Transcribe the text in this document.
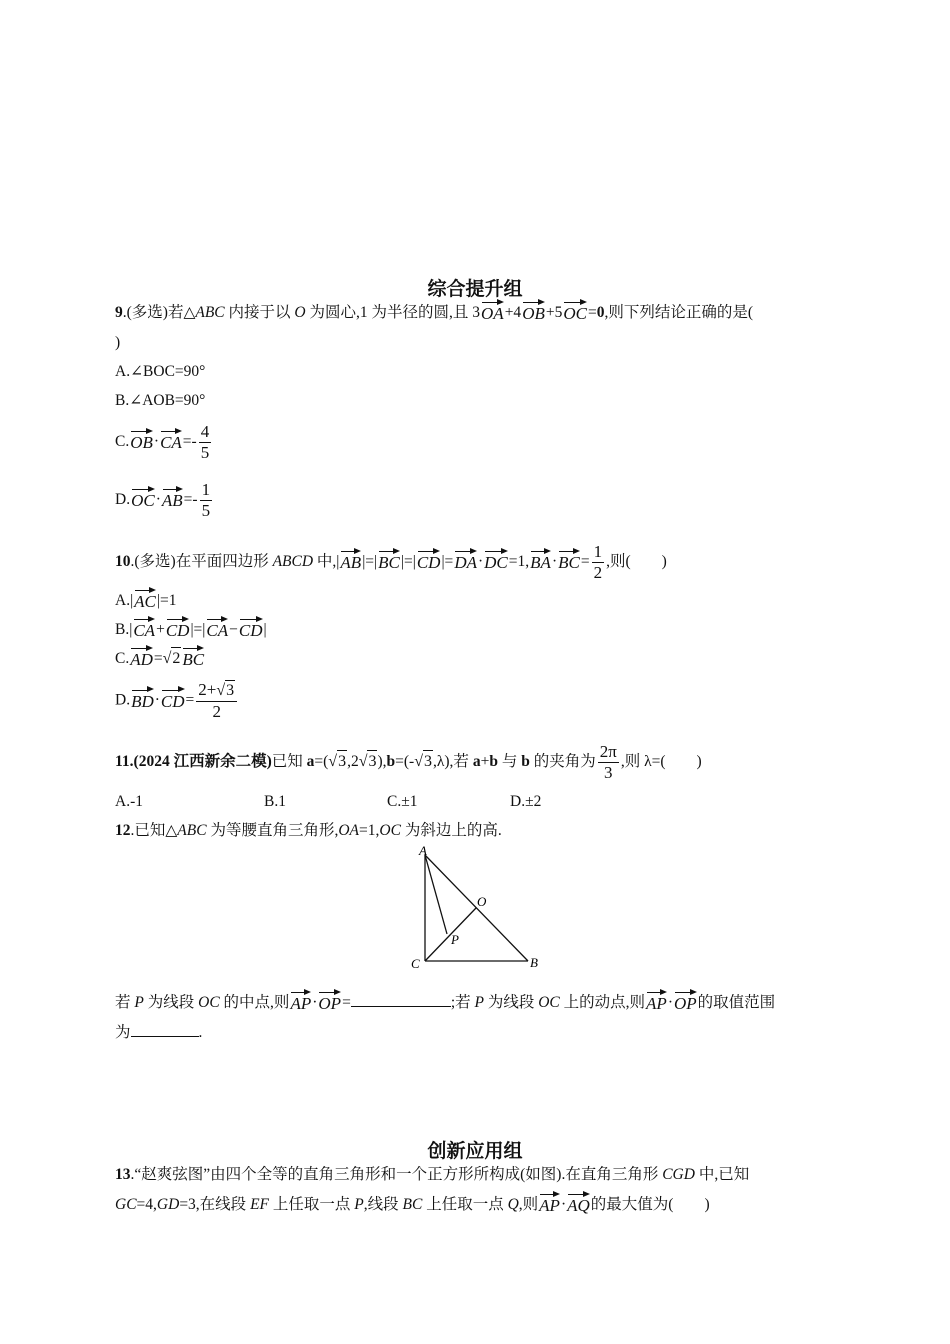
综合提升组
9.(多选)若△ABC 内接于以 O 为圆心,1 为半径的圆,且 3OA+4OB+5OC=0,则下列结论正确的是(
)
A.∠BOC=90°
B.∠AOB=90°
$C.OB\cdot CA=- \frac{4}{5}$
$D.OC\cdot AB=- \frac{1}{5}$
10.(多选)在平面四边形 ABCD 中$,|AB|=|BC|=|CD|=DA\cdot DC=1,BA\cdot BC= \frac{1}{2}$ ,则(　　)
A.|AC|=1
B.|CA+CD|=|CA−CD|
C.AD=√2 BC
$D.BD\cdot CD= \frac{2+√3}{2}$
11.(2024 江西新余二模)已知 a=(√3,2√3),b=(-√3,λ),若 a+b 与 b 的夹角为 $\frac{2\pi}{3}$ ,则 λ=(　　)
A.-1	B.1	C.±1	D.±2
12.已知△ABC 为等腰直角三角形,OA=1,OC 为斜边上的高.
A
O
P
C	B
若 P 为线段 OC 的中点,则AP·OP=	;若 P 为线段 OC 上的动点,则AP·OP的取值范围
为	.
创新应用组
13.“赵爽弦图”由四个全等的直角三角形和一个正方形所构成(如图).在直角三角形 CGD 中,已知
GC=4,GD=3,在线段 EF 上任取一点 P,线段 BC 上任取一点 Q,则AP·AQ的最大值为(　　)
